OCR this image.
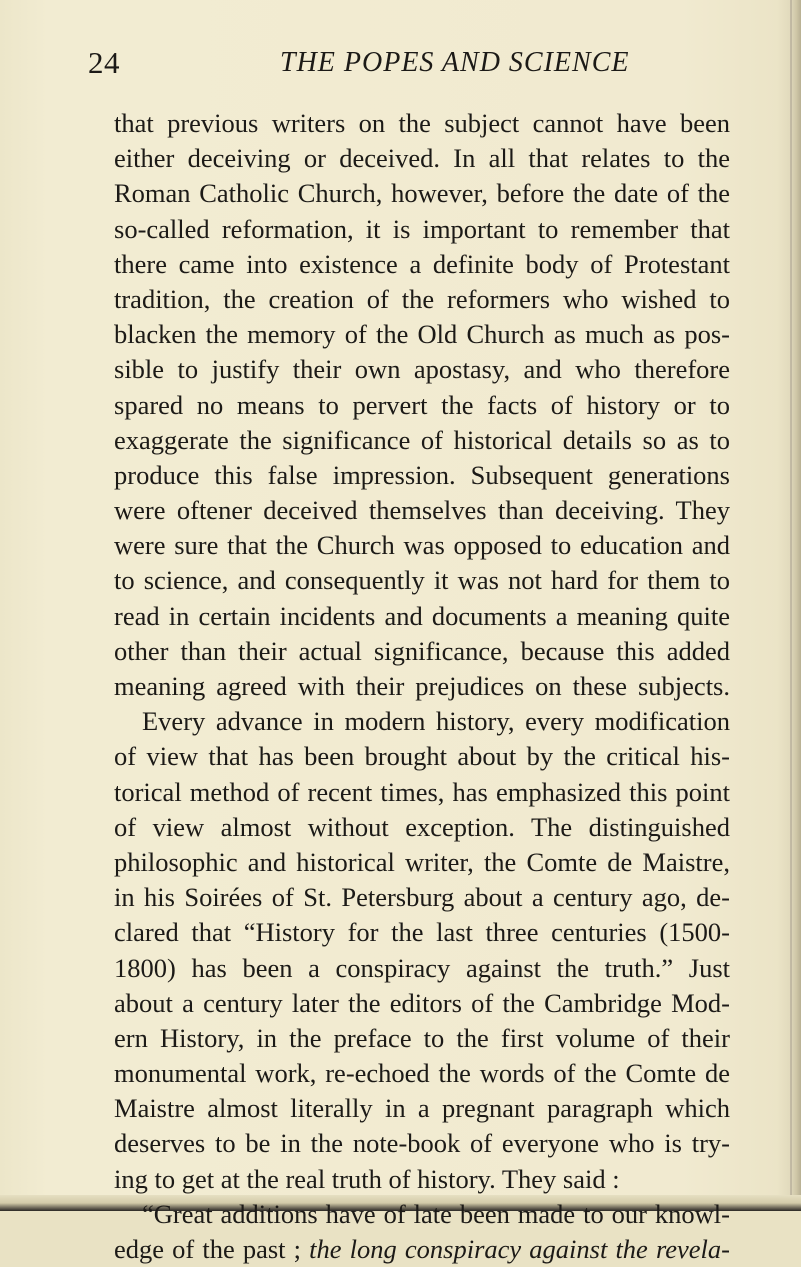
24	THE POPES AND SCIENCE
that previous writers on the subject cannot have been
either deceiving or deceived. In all that relates to the
Roman Catholic Church, however, before the date of the
so-called reformation, it is important to remember that
there came into existence a definite body of Protestant
tradition, the creation of the reformers who wished to
blacken the memory of the Old Church as much as pos-
sible to justify their own apostasy, and who therefore
spared no means to pervert the facts of history or to
exaggerate the significance of historical details so as to
produce this false impression. Subsequent generations
were oftener deceived themselves than deceiving. They
were sure that the Church was opposed to education and
to science, and consequently it was not hard for them to
read in certain incidents and documents a meaning quite
other than their actual significance, because this added
meaning agreed with their prejudices on these subjects.
Every advance in modern history, every modification
of view that has been brought about by the critical his-
torical method of recent times, has emphasized this point
of view almost without exception. The distinguished
philosophic and historical writer, the Comte de Maistre,
in his Soirées of St. Petersburg about a century ago, de-
clared that “History for the last three centuries (1500-
1800) has been a conspiracy against the truth.” Just
about a century later the editors of the Cambridge Mod-
ern History, in the preface to the first volume of their
monumental work, re-echoed the words of the Comte de
Maistre almost literally in a pregnant paragraph which
deserves to be in the note-book of everyone who is try-
ing to get at the real truth of history. They said :
“Great additions have of late been made to our knowl-
edge of the past ; the long conspiracy against the revela-
